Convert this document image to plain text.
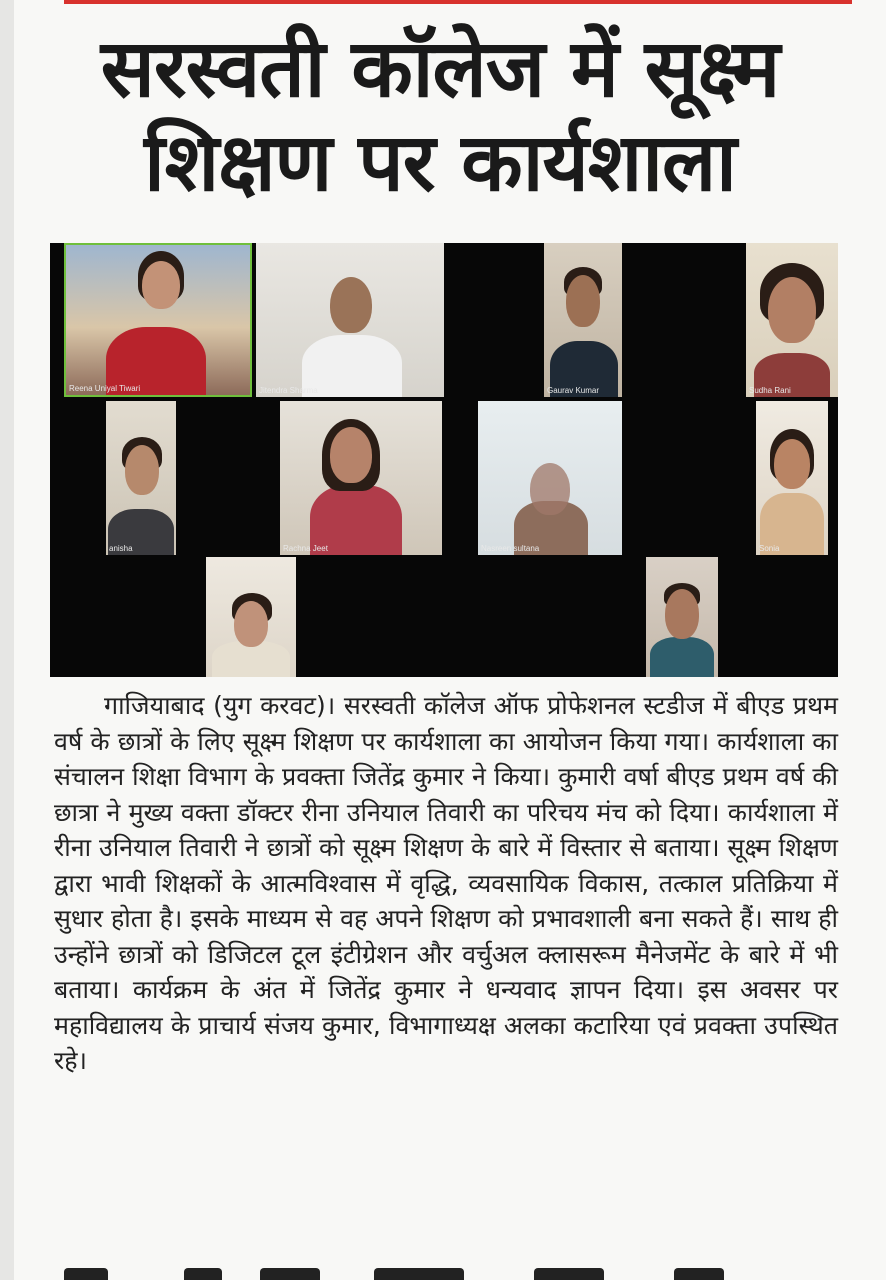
सरस्वती कॉलेज में सूक्ष्म
शिक्षण पर कार्यशाला
Reena Uniyal Tiwari	Jitendra Sharma	Gaurav Kumar	Sudha Rani
anisha	Rachna Jeet	Nasreen sultana	Sonia

गाजियाबाद (युग करवट)। सरस्वती कॉलेज ऑफ प्रोफेशनल स्टडीज में बीएड प्रथम वर्ष के छात्रों के लिए सूक्ष्म शिक्षण पर कार्यशाला का आयोजन किया गया। कार्यशाला का संचालन शिक्षा विभाग के प्रवक्ता जितेंद्र कुमार ने किया। कुमारी वर्षा बीएड प्रथम वर्ष की छात्रा ने मुख्य वक्ता डॉक्टर रीना उनियाल तिवारी का परिचय मंच को दिया। कार्यशाला में रीना उनियाल तिवारी ने छात्रों को सूक्ष्म शिक्षण के बारे में विस्तार से बताया। सूक्ष्म शिक्षण द्वारा भावी शिक्षकों के आत्मविश्वास में वृद्धि, व्यवसायिक विकास, तत्काल प्रतिक्रिया में सुधार होता है। इसके माध्यम से वह अपने शिक्षण को प्रभावशाली बना सकते हैं। साथ ही उन्होंने छात्रों को डिजिटल टूल इंटीग्रेशन और वर्चुअल क्लासरूम मैनेजमेंट के बारे में भी बताया। कार्यक्रम के अंत में जितेंद्र कुमार ने धन्यवाद ज्ञापन दिया। इस अवसर पर महाविद्यालय के प्राचार्य संजय कुमार, विभागाध्यक्ष अलका कटारिया एवं प्रवक्ता उपस्थित रहे।
